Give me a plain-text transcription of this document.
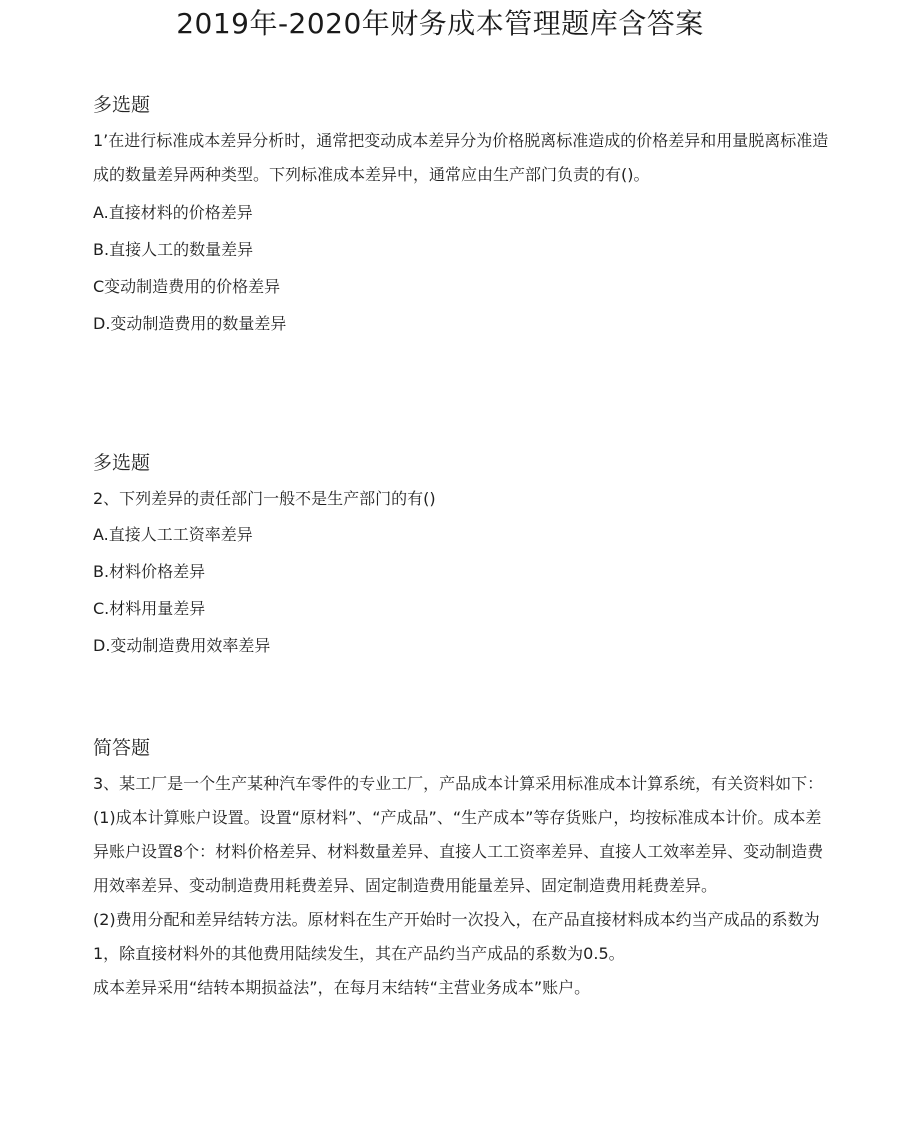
2019年-2020年财务成本管理题库含答案
多选题

1’在进行标准成本差异分析时，通常把变动成本差异分为价格脱离标准造成的价格差异和用量脱离标准造成的数量差异两种类型。下列标准成本差异中，通常应由生产部门负责的有()。

A.直接材料的价格差异

B.直接人工的数量差异

C变动制造费用的价格差异

D.变动制造费用的数量差异

多选题

2、下列差异的责任部门一般不是生产部门的有()

A.直接人工工资率差异

B.材料价格差异

C.材料用量差异

D.变动制造费用效率差异

简答题

3、某工厂是一个生产某种汽车零件的专业工厂，产品成本计算采用标准成本计算系统，有关资料如下：

(1)成本计算账户设置。设置“原材料”、“产成品”、“生产成本”等存货账户，均按标准成本计价。成本差异账户设置8个：材料价格差异、材料数量差异、直接人工工资率差异、直接人工效率差异、变动制造费用效率差异、变动制造费用耗费差异、固定制造费用能量差异、固定制造费用耗费差异。

(2)费用分配和差异结转方法。原材料在生产开始时一次投入，在产品直接材料成本约当产成品的系数为1，除直接材料外的其他费用陆续发生，其在产品约当产成品的系数为0.5。

成本差异采用“结转本期损益法”，在每月末结转“主营业务成本”账户。
